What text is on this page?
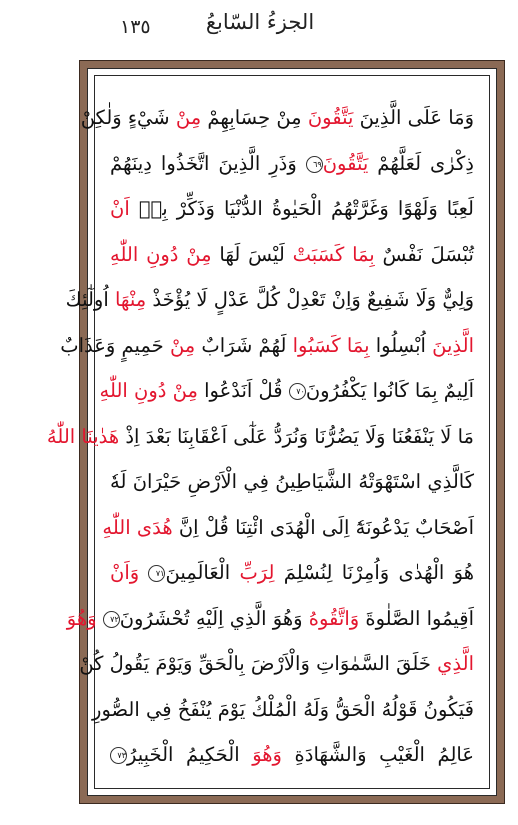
١٣٥	الجزءُ السّابعُ
وَمَا عَلَى الَّذِينَ يَتَّقُونَ مِنْ حِسَابِهِمْ مِنْ شَيْءٍ وَلٰكِنْ
ذِكْرٰى لَعَلَّهُمْ يَتَّقُونَ٦٩ وَذَرِ الَّذِينَ اتَّخَذُوا دِينَهُمْ
لَعِبًا وَلَهْوًا وَغَرَّتْهُمُ الْحَيٰوةُ الدُّنْيَا وَذَكِّرْ بِهٖ اَنْ
تُبْسَلَ نَفْسٌ بِمَا كَسَبَتْ لَيْسَ لَهَا مِنْ دُونِ اللّٰهِ
وَلِيٌّ وَلَا شَفِيعٌ وَاِنْ تَعْدِلْ كُلَّ عَدْلٍ لَا يُؤْخَذْ مِنْهَا اُولٰٓئِكَ
الَّذِينَ اُبْسِلُوا بِمَا كَسَبُوا لَهُمْ شَرَابٌ مِنْ حَمِيمٍ وَعَذَابٌ
اَلِيمٌ بِمَا كَانُوا يَكْفُرُونَ٧٠ قُلْ اَنَدْعُوا مِنْ دُونِ اللّٰهِ
مَا لَا يَنْفَعُنَا وَلَا يَضُرُّنَا وَنُرَدُّ عَلٰٓى اَعْقَابِنَا بَعْدَ اِذْ هَدٰينَا اللّٰهُ
كَالَّذِي اسْتَهْوَتْهُ الشَّيَاطِينُ فِي الْاَرْضِ حَيْرَانَ لَهٗ
اَصْحَابٌ يَدْعُونَهٗٓ اِلَى الْهُدَى ائْتِنَا قُلْ اِنَّ هُدَى اللّٰهِ
هُوَ الْهُدٰى وَاُمِرْنَا لِنُسْلِمَ لِرَبِّ الْعَالَمِينَ٧١ وَاَنْ
اَقِيمُوا الصَّلٰوةَ وَاتَّقُوهُ وَهُوَ الَّذِي اِلَيْهِ تُحْشَرُونَ٧٢ وَهُوَ
الَّذِي خَلَقَ السَّمٰوَاتِ وَالْاَرْضَ بِالْحَقِّ وَيَوْمَ يَقُولُ كُنْ
فَيَكُونُ قَوْلُهُ الْحَقُّ وَلَهُ الْمُلْكُ يَوْمَ يُنْفَخُ فِي الصُّورِ
عَالِمُ الْغَيْبِ وَالشَّهَادَةِ وَهُوَ الْحَكِيمُ الْخَبِيرُ٧٣
